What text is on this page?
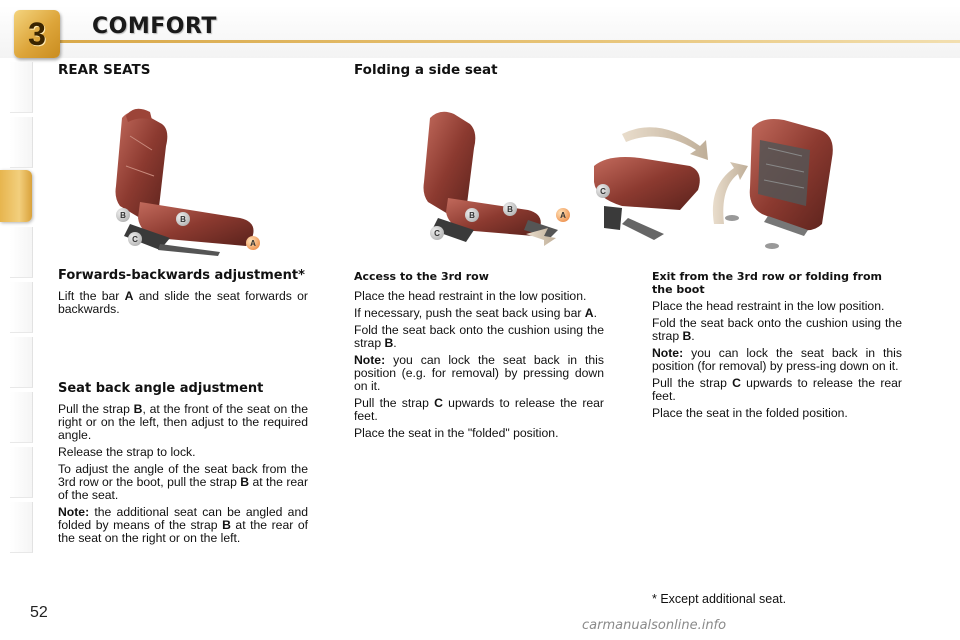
3 COMFORT
REAR SEATS
B	B
C	A
Forwards-backwards adjustment*

Lift the bar A and slide the seat forwards or backwards.

Seat back angle adjustment

Pull the strap B, at the front of the seat on the right or on the left, then adjust to the required angle.

Release the strap to lock.

To adjust the angle of the seat back from the 3rd row or the boot, pull the strap B at the rear of the seat.

Note: the additional seat can be angled and folded by means of the strap B at the rear of the seat on the right or on the left.

Folding a side seat
B
B
C
A
C
Access to the 3rd row

Place the head restraint in the low position.

If necessary, push the seat back using bar A.

Fold the seat back onto the cushion using the strap B.

Note: you can lock the seat back in this position (e.g. for removal) by pressing down on it.

Pull the strap C upwards to release the rear feet.

Place the seat in the "folded" position.

Exit from the 3rd row or folding from the boot

Place the head restraint in the low position.

Fold the seat back onto the cushion using the strap B.

Note: you can lock the seat back in this position (for removal) by press-ing down on it.

Pull the strap C upwards to release the rear feet.

Place the seat in the folded position.

* Except additional seat.
52
carmanualsonline.info
